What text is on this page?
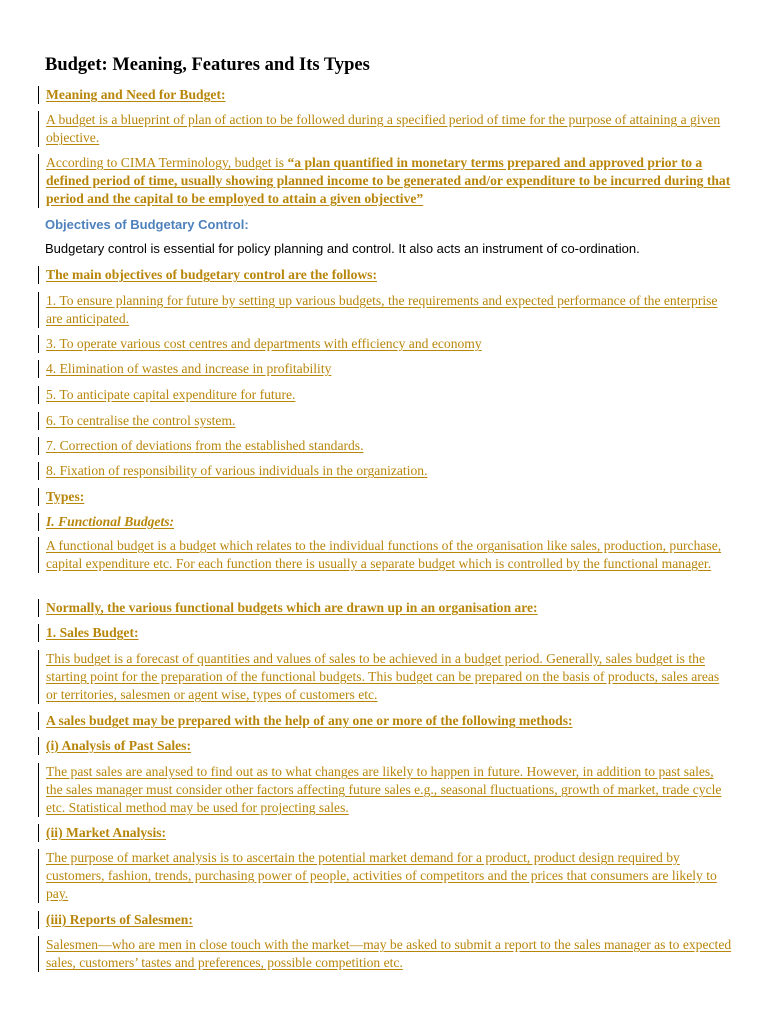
Budget: Meaning, Features and Its Types

Meaning and Need for Budget:

A budget is a blueprint of plan of action to be followed during a specified period of time for the purpose of attaining a given objective.

According to CIMA Terminology, budget is “a plan quantified in monetary terms prepared and approved prior to a defined period of time, usually showing planned income to be generated and/or expenditure to be incurred during that period and the capital to be employed to attain a given objective”

Objectives of Budgetary Control:

Budgetary control is essential for policy planning and control. It also acts an instrument of co-ordination.

The main objectives of budgetary control are the follows:

1. To ensure planning for future by setting up various budgets, the requirements and expected performance of the enterprise are anticipated.

3. To operate various cost centres and departments with efficiency and economy

4. Elimination of wastes and increase in profitability

5. To anticipate capital expenditure for future.

6. To centralise the control system.

7. Correction of deviations from the established standards.

8. Fixation of responsibility of various individuals in the organization.

Types:

I. Functional Budgets:

A functional budget is a budget which relates to the individual functions of the organisation like sales, production, purchase, capital expenditure etc. For each function there is usually a separate budget which is controlled by the functional manager.

Normally, the various functional budgets which are drawn up in an organisation are:

1. Sales Budget:

This budget is a forecast of quantities and values of sales to be achieved in a budget period. Generally, sales budget is the starting point for the preparation of the functional budgets. This budget can be prepared on the basis of products, sales areas or territories, salesmen or agent wise, types of customers etc.

A sales budget may be prepared with the help of any one or more of the following methods:

(i) Analysis of Past Sales:

The past sales are analysed to find out as to what changes are likely to happen in future. However, in addition to past sales, the sales manager must consider other factors affecting future sales e.g., seasonal fluctuations, growth of market, trade cycle etc. Statistical method may be used for projecting sales.

(ii) Market Analysis:

The purpose of market analysis is to ascertain the potential market demand for a product, product design required by customers, fashion, trends, purchasing power of people, activities of competitors and the prices that consumers are likely to pay.

(iii) Reports of Salesmen:

Salesmen—who are men in close touch with the market—may be asked to submit a report to the sales manager as to expected sales, customers’ tastes and preferences, possible competition etc.
